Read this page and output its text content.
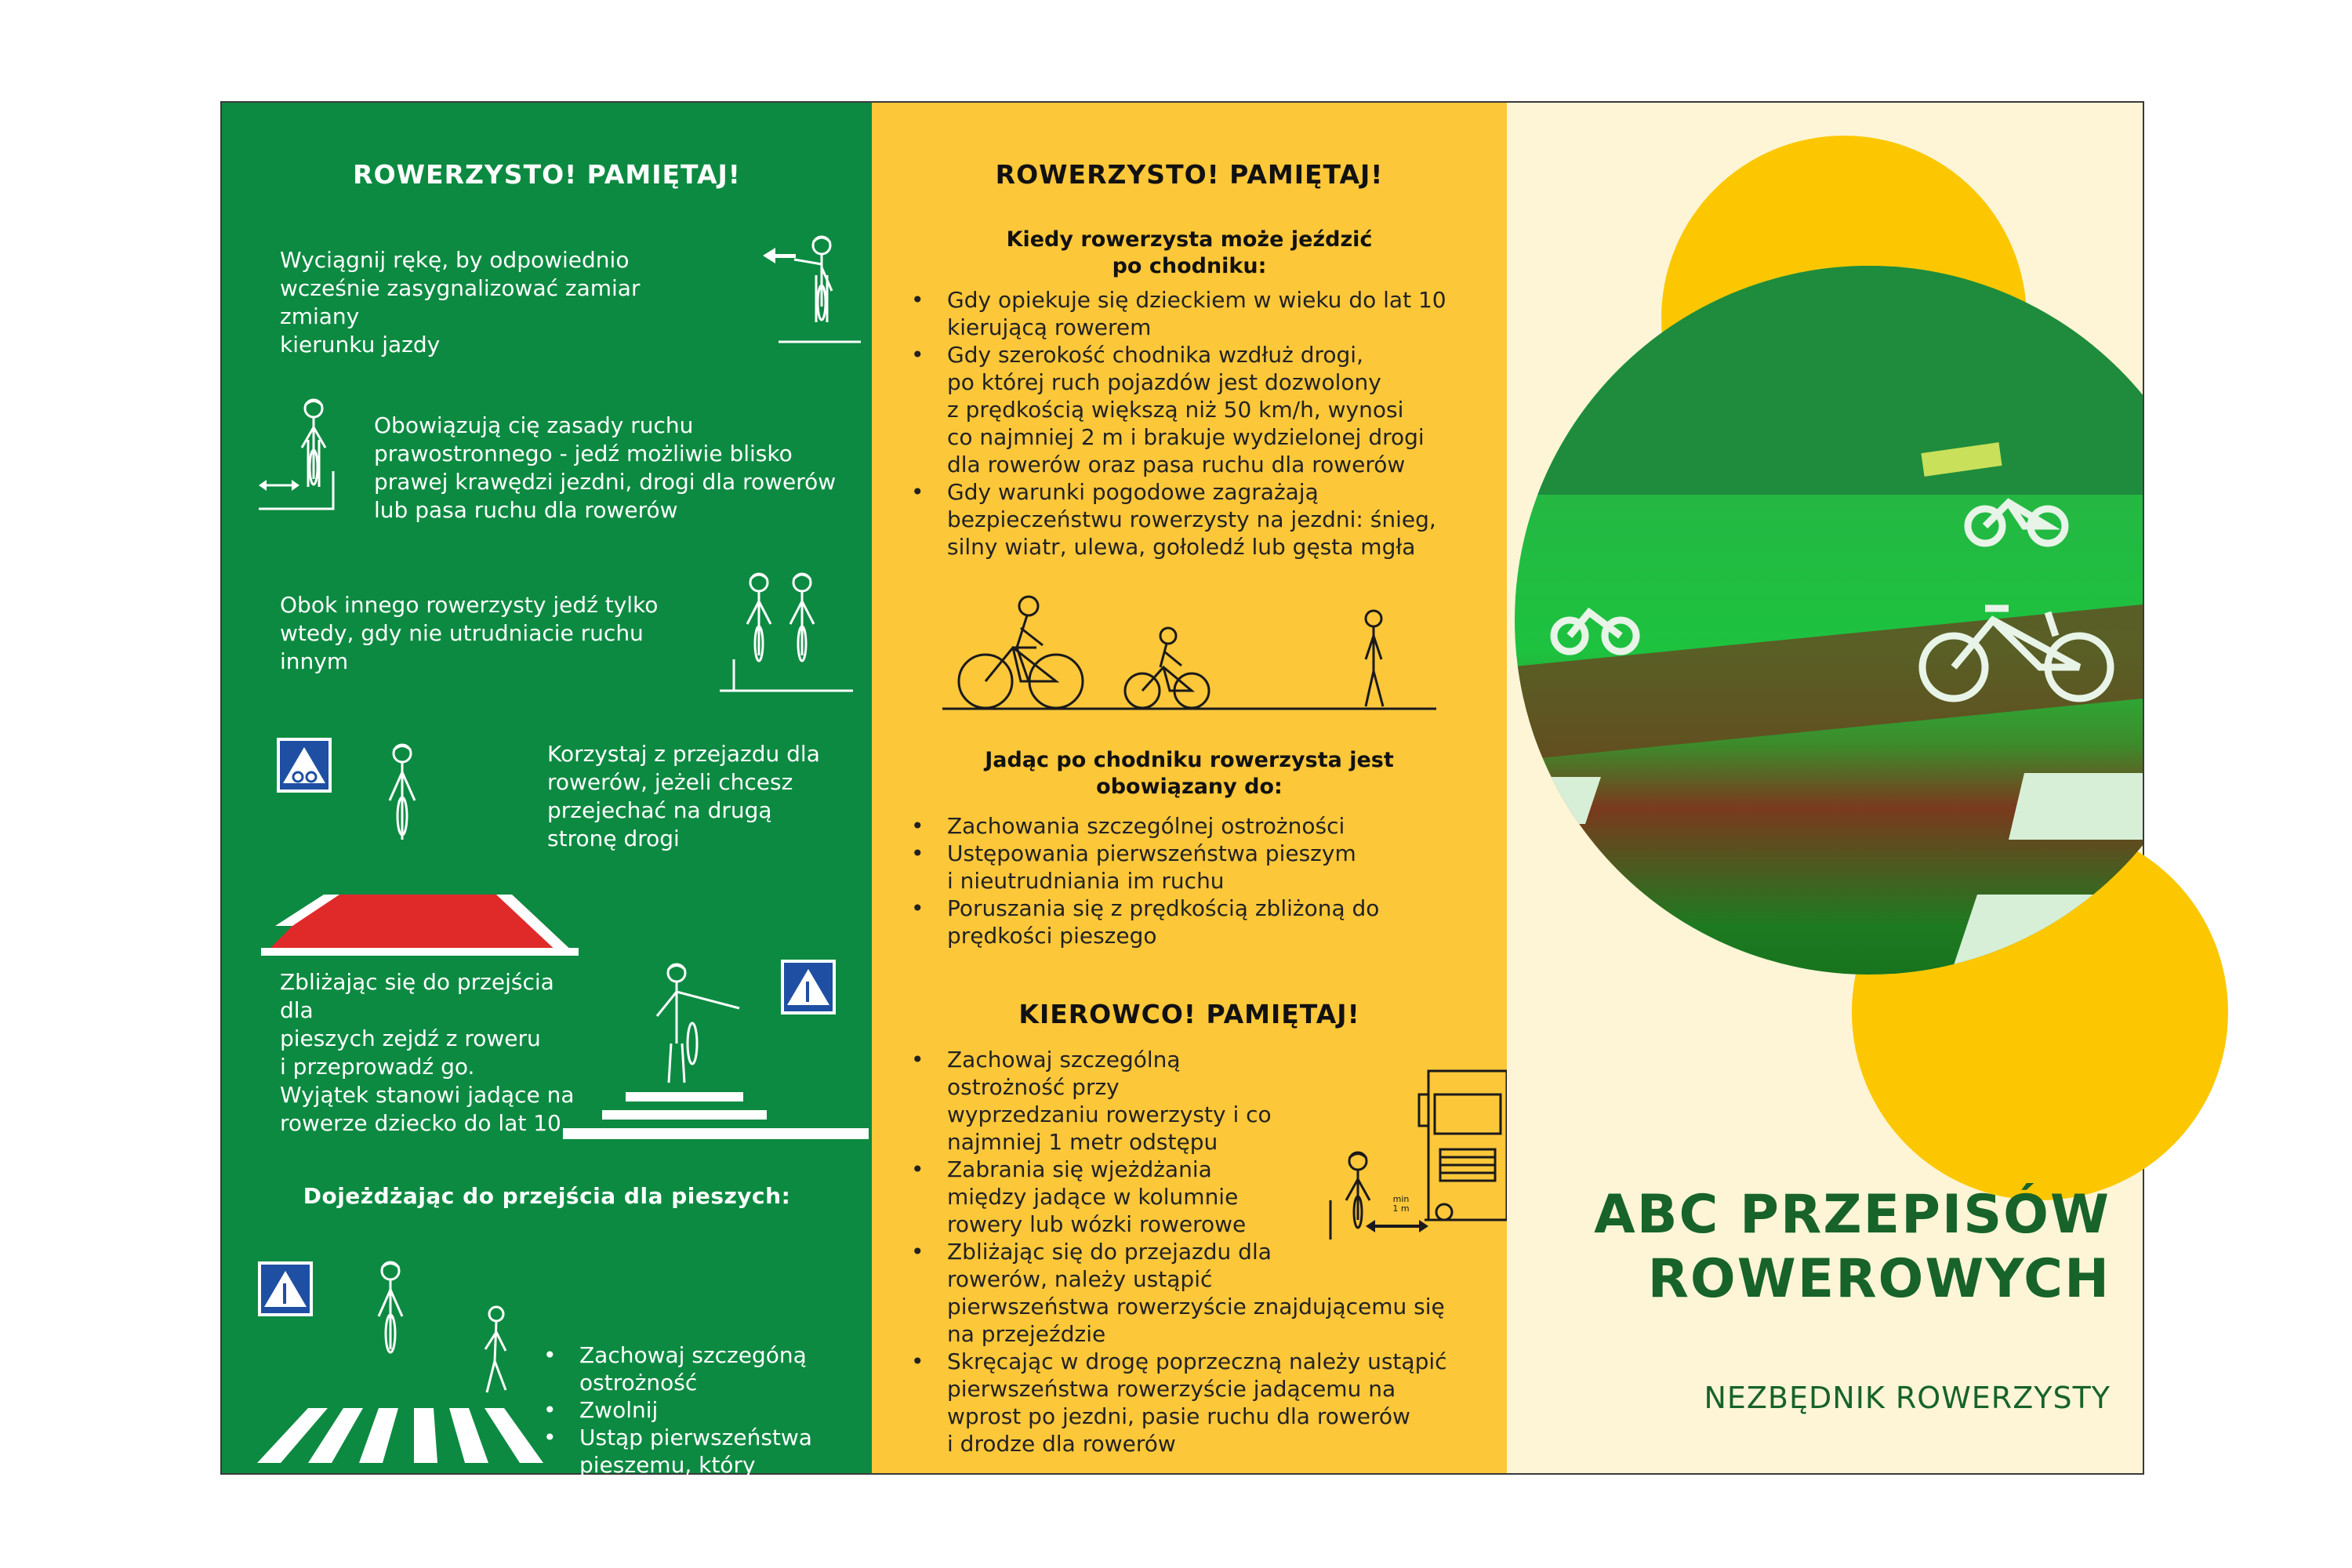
ROWERZYSTO! PAMIĘTAJ!
Wyciągnij rękę, by odpowiednio
wcześnie zasygnalizować zamiar zmiany
kierunku jazdy
Obowiązują cię zasady ruchu
prawostronnego - jedź możliwie blisko
prawej krawędzi jezdni, drogi dla rowerów
lub pasa ruchu dla rowerów
Obok innego rowerzysty jedź tylko
wtedy, gdy nie utrudniacie ruchu
innym
Korzystaj z przejazdu dla
rowerów, jeżeli chcesz
przejechać na drugą
stronę drogi
Zbliżając się do przejścia dla
pieszych zejdź z roweru
i przeprowadź go.
Wyjątek stanowi jadące na
rowerze dziecko do lat 10
Dojeżdżając do przejścia dla pieszych:
• Zachowaj szczegóną
ostrożność
• Zwolnij
• Ustąp pierwszeństwa
pieszemu, który
wchodzi na przejście
lub się na nim
znajduje
ROWERZYSTO! PAMIĘTAJ!
Kiedy rowerzysta może jeździć
po chodniku:
• Gdy opiekuje się dzieckiem w wieku do lat 10
kierującą rowerem
• Gdy szerokość chodnika wzdłuż drogi,
po której ruch pojazdów jest dozwolony
z prędkością większą niż 50 km/h, wynosi
co najmniej 2 m i brakuje wydzielonej drogi
dla rowerów oraz pasa ruchu dla rowerów
• Gdy warunki pogodowe zagrażają
bezpieczeństwu rowerzysty na jezdni: śnieg,
silny wiatr, ulewa, gołoledź lub gęsta mgła
Jadąc po chodniku rowerzysta jest
obowiązany do:
• Zachowania szczególnej ostrożności
• Ustępowania pierwszeństwa pieszym
i nieutrudniania im ruchu
• Poruszania się z prędkością zbliżoną do
prędkości pieszego
KIEROWCO! PAMIĘTAJ!
• Zachowaj szczególną
ostrożność przy
wyprzedzaniu rowerzysty i co
najmniej 1 metr odstępu
• Zabrania się wjeżdżania
między jadące w kolumnie
rowery lub wózki rowerowe
• Zbliżając się do przejazdu dla
rowerów, należy ustąpić
pierwszeństwa rowerzyście znajdującemu się
na przejeździe
• Skręcając w drogę poprzeczną należy ustąpić
pierwszeństwa rowerzyście jadącemu na
wprost po jezdni, pasie ruchu dla rowerów
i drodze dla rowerów
min
1 m	ABC PRZEPISÓW
ROWEROWYCH
NEZBĘDNIK ROWERZYSTY
